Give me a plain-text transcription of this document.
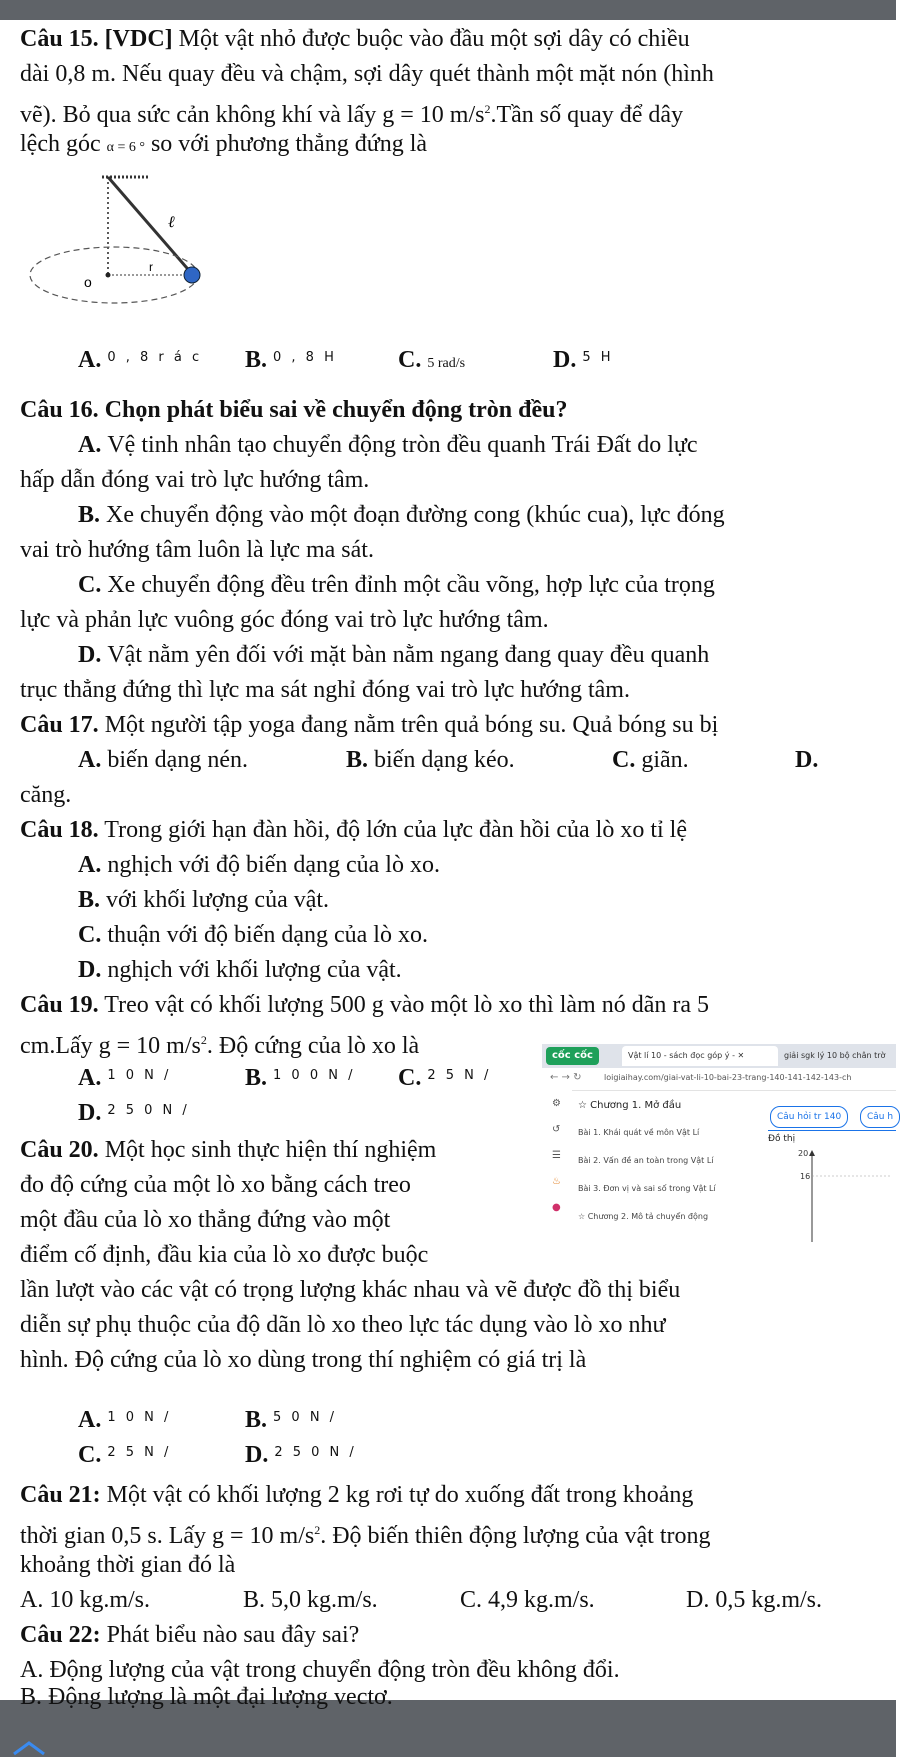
Câu 15. [VDC] Một vật nhỏ được buộc vào đầu một sợi dây có chiều
dài 0,8 m. Nếu quay đều và chậm, sợi dây quét thành một mặt nón (hình
vẽ). Bỏ qua sức cản không khí và lấy g = 10 $m/s^2.Tần$ số quay để dây
lệch góc α = 6 ° so với phương thẳng đứng là
ℓ
o
r
A. $^{0 , 8 r á c}$ B. $^{0 , 8 H}$	C. 5 rad/s	D. $^{5 H}$
Câu 16. Chọn phát biểu sai về chuyển động tròn đều?
A. Vệ tinh nhân tạo chuyển động tròn đều quanh Trái Đất do lực
hấp dẫn đóng vai trò lực hướng tâm.
B. Xe chuyển động vào một đoạn đường cong (khúc cua), lực đóng
vai trò hướng tâm luôn là lực ma sát.
C. Xe chuyển động đều trên đỉnh một cầu võng, hợp lực của trọng
lực và phản lực vuông góc đóng vai trò lực hướng tâm.
D. Vật nằm yên đối với mặt bàn nằm ngang đang quay đều quanh
trục thẳng đứng thì lực ma sát nghỉ đóng vai trò lực hướng tâm.
Câu 17. Một người tập yoga đang nằm trên quả bóng su. Quả bóng su bị
A. biến dạng nén.	B. biến dạng kéo.	C. giãn.	D.
căng.
Câu 18. Trong giới hạn đàn hồi, độ lớn của lực đàn hồi của lò xo tỉ lệ
A. nghịch với độ biến dạng của lò xo.
B. với khối lượng của vật.
C. thuận với độ biến dạng của lò xo.
D. nghịch với khối lượng của vật.
Câu 19. Treo vật có khối lượng 500 g vào một lò xo thì làm nó dãn ra 5
cm.Lấy g = 10 $m/s^2$. Độ cứng của lò xo là
A. $^{1 0 N /}$	B. $^{1 0 0 N /}$ C. $^{2 5 N /}$
D. $^{2 5 0 N /}$
Câu 20. Một học sinh thực hiện thí nghiệm
đo độ cứng của một lò xo bằng cách treo
một đầu của lò xo thẳng đứng vào một
điểm cố định, đầu kia của lò xo được buộc
lần lượt vào các vật có trọng lượng khác nhau và vẽ được đồ thị biểu
diễn sự phụ thuộc của độ dãn lò xo theo lực tác dụng vào lò xo như
hình. Độ cứng của lò xo dùng trong thí nghiệm có giá trị là
cốc cốc	Vật lí 10 - sách đọc góp ý - ✕	giải sgk lý 10 bộ chân trờ
← → ↻	loigiaihay.com/giai-vat-li-10-bai-23-trang-140-141-142-143-ch
⚙
↺
☰
♨
●
☆ Chương 1. Mở đầu
Bài 1. Khái quát về môn Vật Lí
Bài 2. Vấn đề an toàn trong Vật Lí
Bài 3. Đơn vị và sai số trong Vật Lí
☆ Chương 2. Mô tả chuyển động
Câu hỏi tr 140	Câu h
Đồ thị
20
16
A. $^{1 0 N /}$	B. $^{5 0 N /}$
C. $^{2 5 N /}$	D. $^{2 5 0 N /}$
Câu 21: Một vật có khối lượng 2 kg rơi tự do xuống đất trong khoảng
thời gian 0,5 s. Lấy g = 10 $m/s^2$. Độ biến thiên động lượng của vật trong
khoảng thời gian đó là
A. 10 kg.m/s.	B. 5,0 kg.m/s.	C. 4,9 kg.m/s.	D. 0,5 kg.m/s.
Câu 22: Phát biểu nào sau đây sai?
A. Động lượng của vật trong chuyển động tròn đều không đổi.
B. Động lượng là một đại lượng vectơ.
